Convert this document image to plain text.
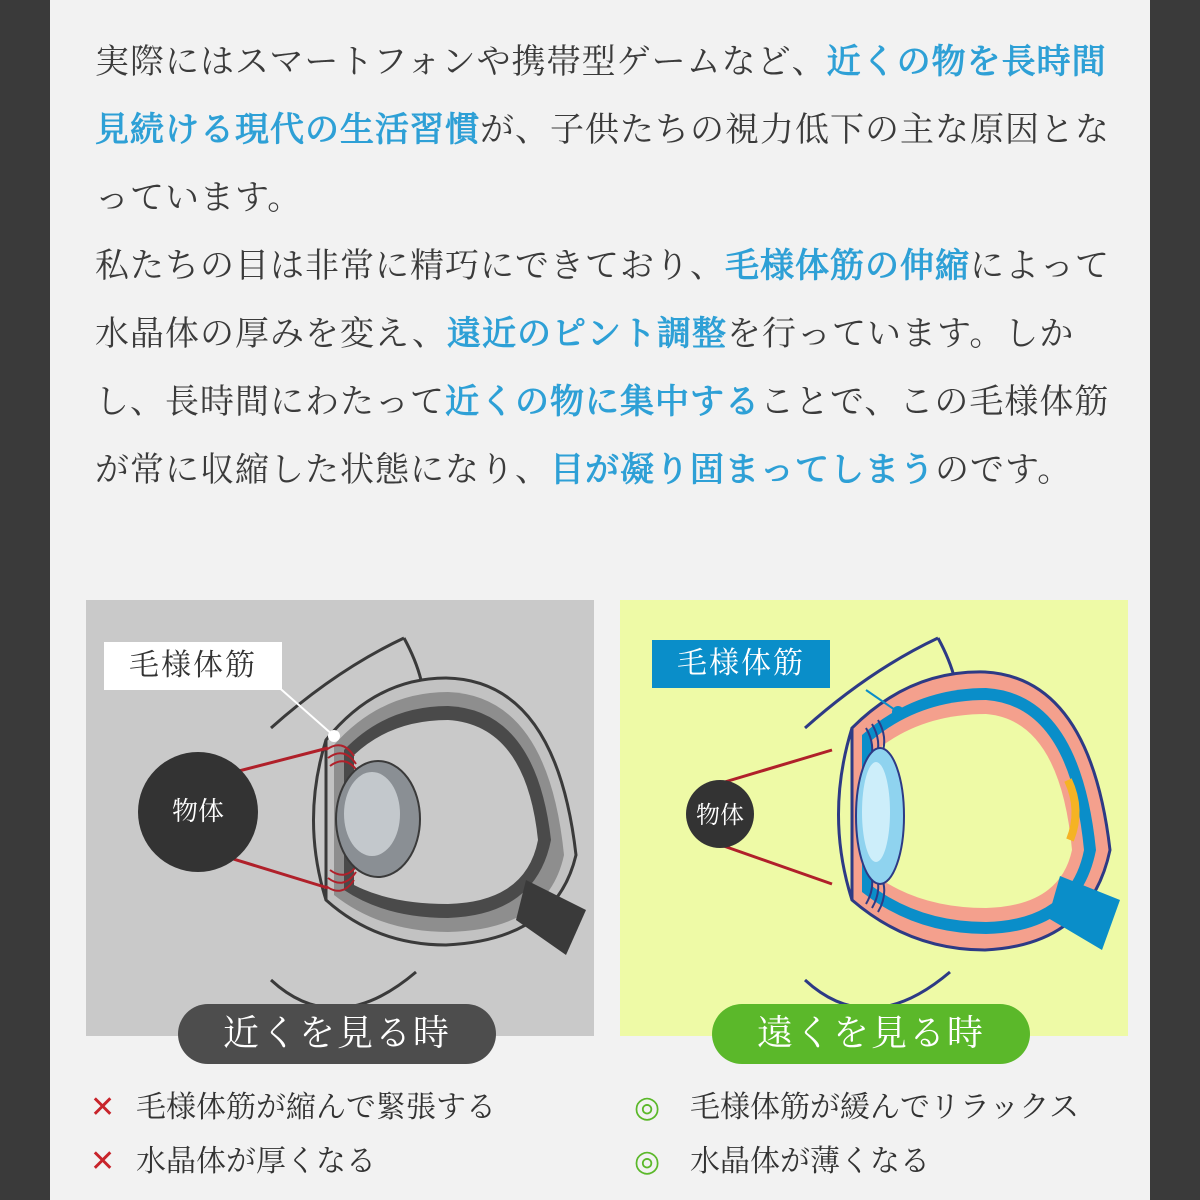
実際にはスマートフォンや携帯型ゲームなど、近くの物を長時間見続ける現代の生活習慣が、子供たちの視力低下の主な原因となっています。
私たちの目は非常に精巧にできており、毛様体筋の伸縮によって水晶体の厚みを変え、遠近のピント調整を行っています。しかし、長時間にわたって近くの物に集中することで、この毛様体筋が常に収縮した状態になり、目が凝り固まってしまうのです。

毛様体筋
物体
毛様体筋
物体
近くを見る時	遠くを見る時
✕ 毛様体筋が縮んで緊張する
✕ 水晶体が厚くなる
◎ 毛様体筋が緩んでリラックス
◎ 水晶体が薄くなる
